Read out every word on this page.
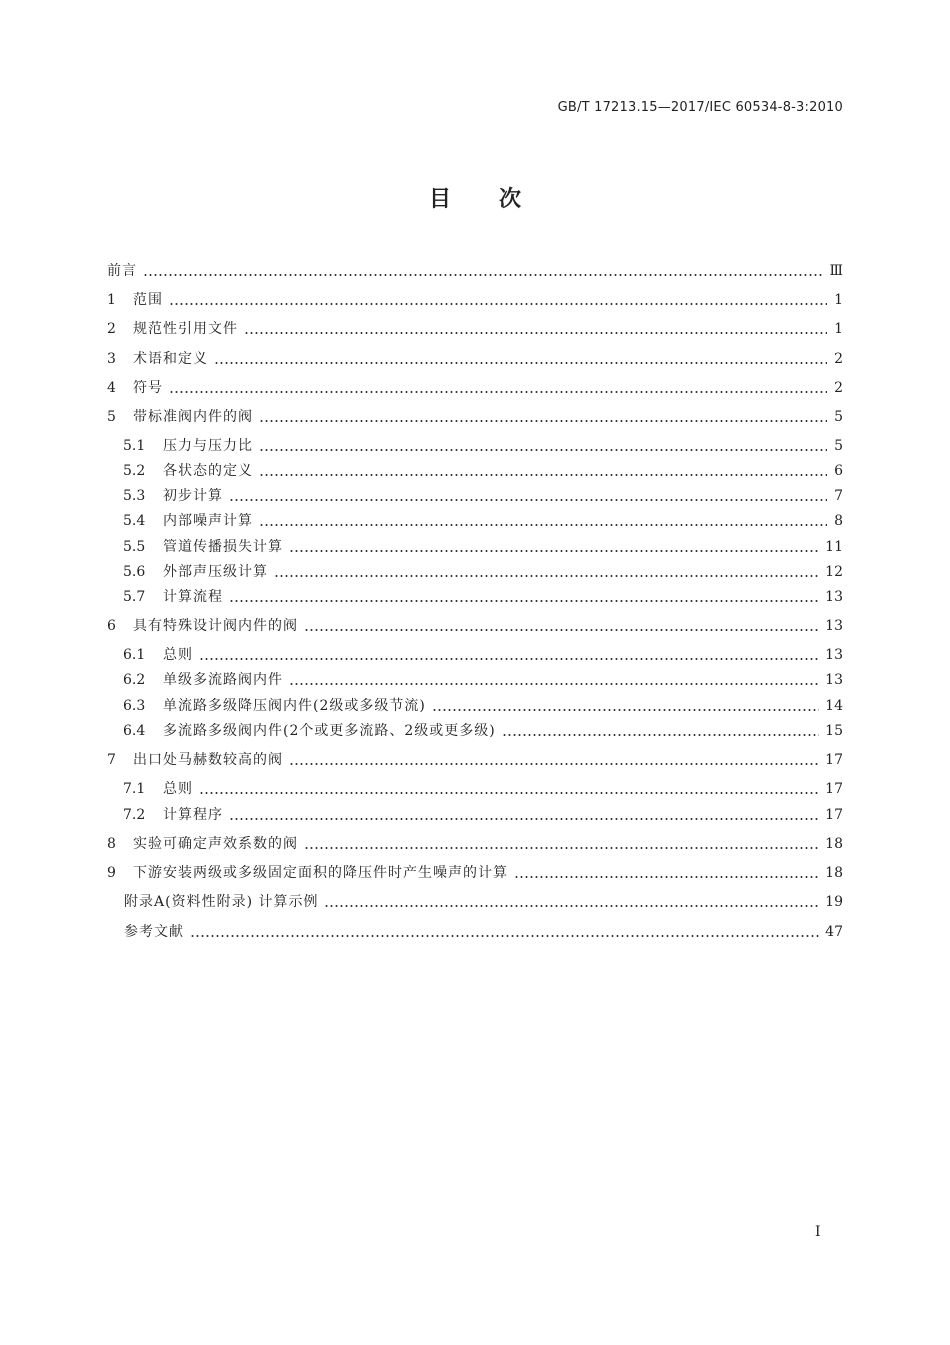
GB/T 17213.15—2017/IEC 60534-8-3:2010
目次
前言	Ⅲ
1	范围	1
2	规范性引用文件	1
3	术语和定义	2
4	符号	2
5	带标准阀内件的阀	5
5.1	压力与压力比	5
5.2	各状态的定义	6
5.3	初步计算	7
5.4	内部噪声计算	8
5.5	管道传播损失计算	11
5.6	外部声压级计算	12
5.7	计算流程	13
6	具有特殊设计阀内件的阀	13
6.1	总则	13
6.2	单级多流路阀内件	13
6.3	单流路多级降压阀内件(2级或多级节流)	14
6.4	多流路多级阀内件(2个或更多流路、2级或更多级)	15
7	出口处马赫数较高的阀	17
7.1	总则	17
7.2	计算程序	17
8	实验可确定声效系数的阀	18
9	下游安装两级或多级固定面积的降压件时产生噪声的计算	18
附录A(资料性附录) 计算示例	19
参考文献	47
I
